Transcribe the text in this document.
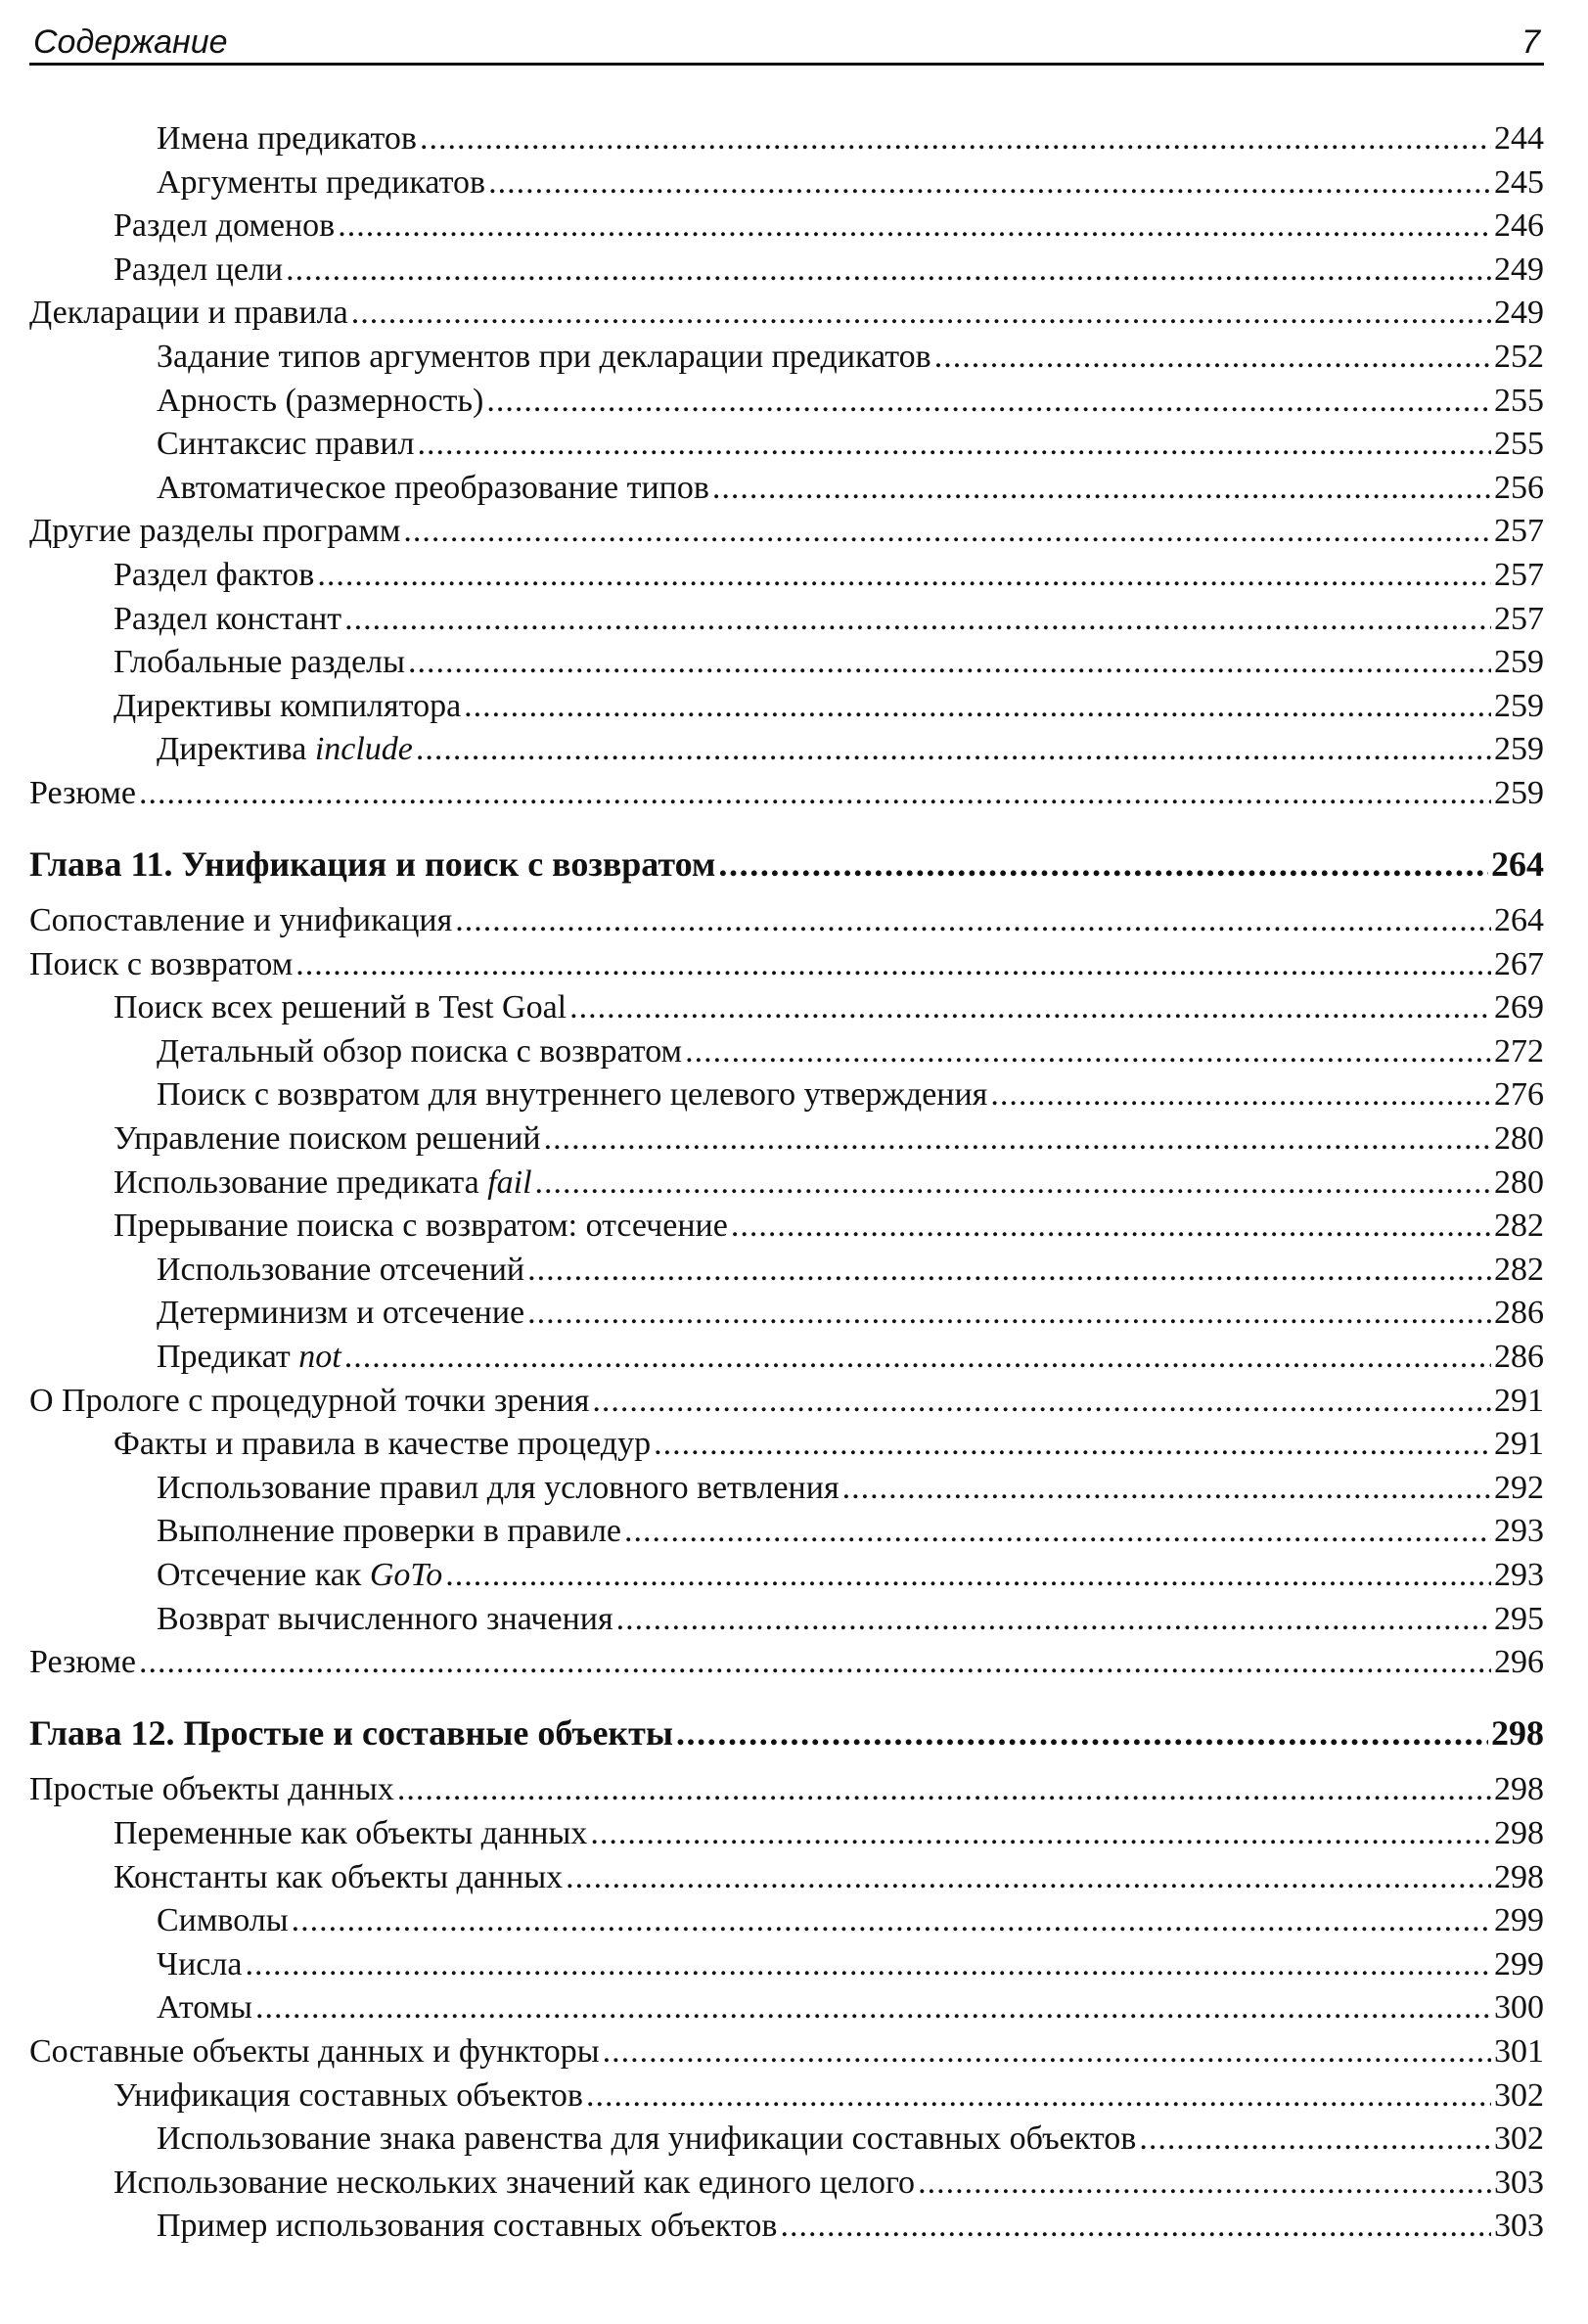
Содержание	7
Имена предикатов .....	244
Аргументы предикатов .....	245
Раздел доменов .....	246
Раздел цели .....	249
Декларации и правила .....	249
Задание типов аргументов при декларации предикатов .....	252
Арность (размерность) .....	255
Синтаксис правил .....	255
Автоматическое преобразование типов .....	256
Другие разделы программ .....	257
Раздел фактов .....	257
Раздел констант .....	257
Глобальные разделы .....	259
Директивы компилятора .....	259
Директива include .....	259
Резюме .....	259
Глава 11. Унификация и поиск с возвратом .....	264
Сопоставление и унификация .....	264
Поиск с возвратом .....	267
Поиск всех решений в Test Goal .....	269
Детальный обзор поиска с возвратом .....	272
Поиск с возвратом для внутреннего целевого утверждения .....	276
Управление поиском решений .....	280
Использование предиката fail .....	280
Прерывание поиска с возвратом: отсечение .....	282
Использование отсечений .....	282
Детерминизм и отсечение .....	286
Предикат not .....	286
О Прологе с процедурной точки зрения .....	291
Факты и правила в качестве процедур .....	291
Использование правил для условного ветвления .....	292
Выполнение проверки в правиле .....	293
Отсечение как GoTo .....	293
Возврат вычисленного значения .....	295
Резюме .....	296
Глава 12. Простые и составные объекты .....	298
Простые объекты данных .....	298
Переменные как объекты данных .....	298
Константы как объекты данных .....	298
Символы .....	299
Числа .....	299
Атомы .....	300
Составные объекты данных и функторы .....	301
Унификация составных объектов .....	302
Использование знака равенства для унификации составных объектов .....	302
Использование нескольких значений как единого целого .....	303
Пример использования составных объектов .....	303
